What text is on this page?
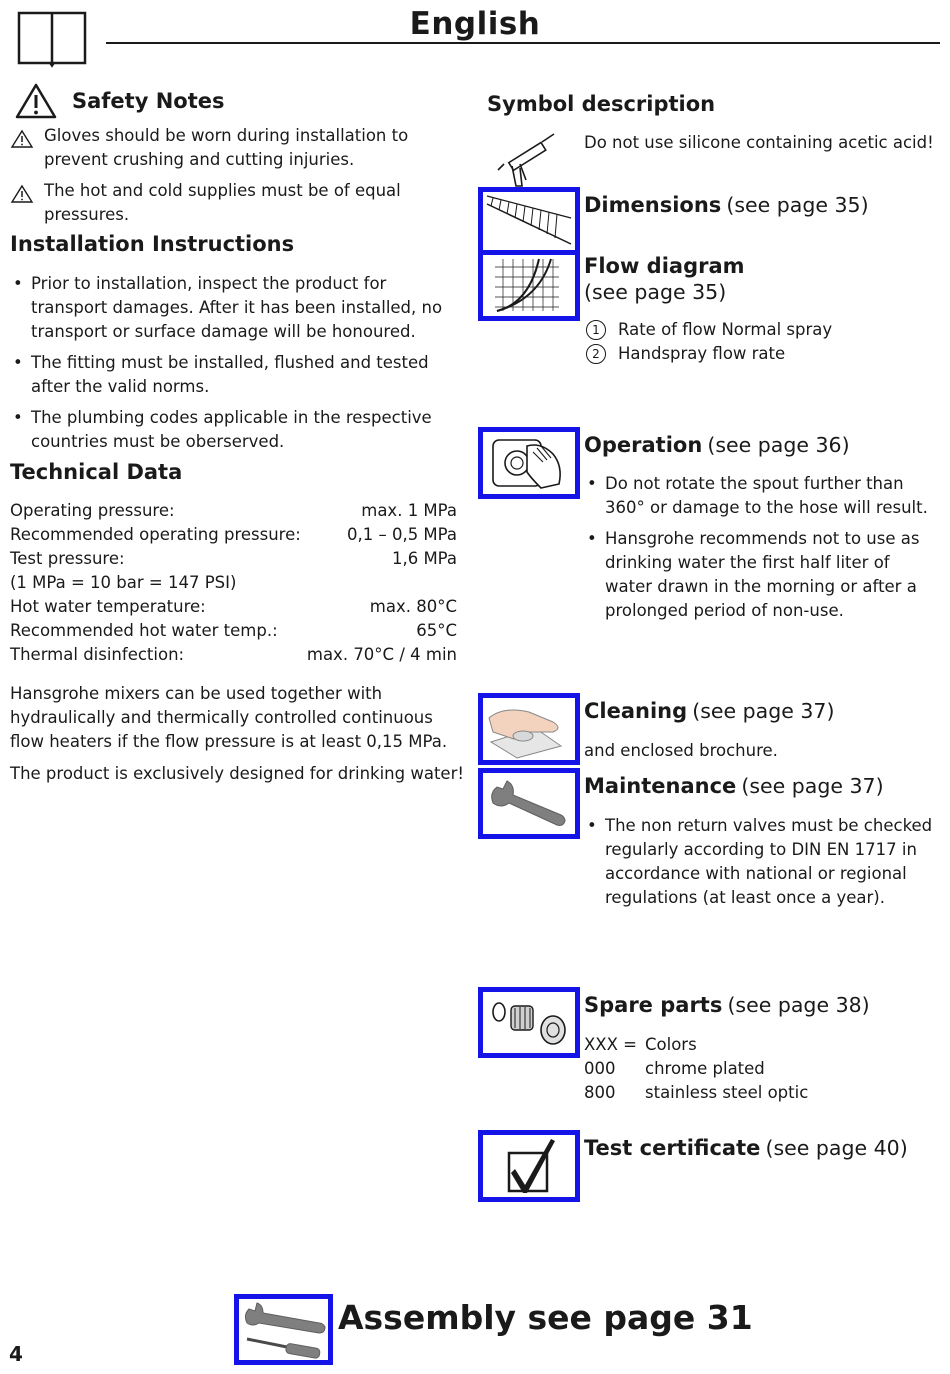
English
Safety Notes
Gloves should be worn during installation to prevent crushing and cutting injuries.
The hot and cold supplies must be of equal pressures.
Installation Instructions
• Prior to installation, inspect the product for transport damages. After it has been installed, no transport or surface damage will be honoured.
• The fitting must be installed, flushed and tested after the valid norms.
• The plumbing codes applicable in the respective countries must be oberserved.
Technical Data
Operating pressure:	max. 1 MPa
Recommended operating pressure:	0,1 – 0,5 MPa
Test pressure:	1,6 MPa
(1 MPa = 10 bar = 147 PSI)
Hot water temperature:	max. 80°C
Recommended hot water temp.:	65°C
Thermal disinfection:	max. 70°C / 4 min
Hansgrohe mixers can be used together with hydraulically and thermically controlled continuous flow heaters if the flow pressure is at least 0,15 MPa.
The product is exclusively designed for drinking water!
Symbol description
Do not use silicone containing acetic acid!
Dimensions (see page 35)
Flow diagram
(see page 35)
1	Rate of flow Normal spray
2	Handspray flow rate
Operation (see page 36)
• Do not rotate the spout further than 360° or damage to the hose will result.
• Hansgrohe recommends not to use as drinking water the first half liter of water drawn in the morning or after a prolonged period of non-use.
Cleaning (see page 37)
and enclosed brochure.
Maintenance (see page 37)
• The non return valves must be checked regularly according to DIN EN 1717 in accordance with national or regional regulations (at least once a year).
Spare parts (see page 38)
XXX = Colors
000	chrome plated
800	stainless steel optic
Test certificate (see page 40)
Assembly see page 31
4
